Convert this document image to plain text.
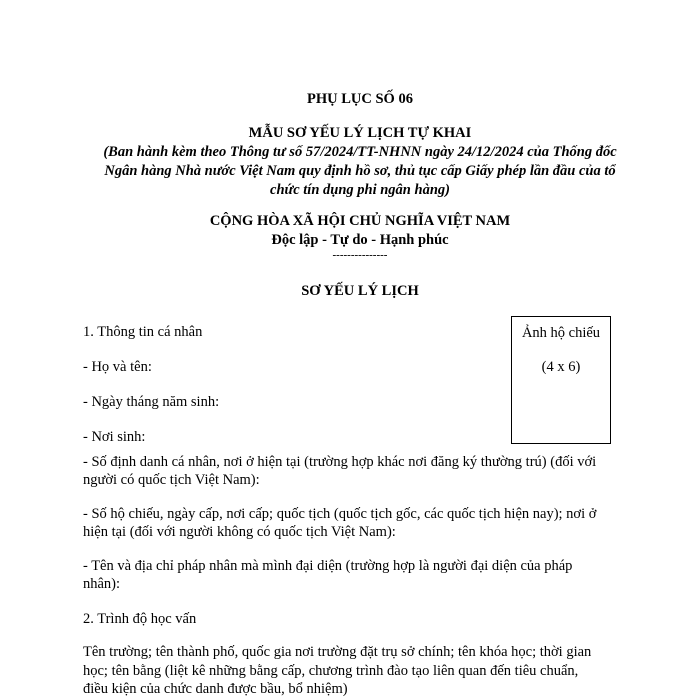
PHỤ LỤC SỐ 06
MẪU SƠ YẾU LÝ LỊCH TỰ KHAI
(Ban hành kèm theo Thông tư số 57/2024/TT-NHNN ngày 24/12/2024 của Thống đốc
Ngân hàng Nhà nước Việt Nam quy định hồ sơ, thủ tục cấp Giấy phép lần đầu của tổ
chức tín dụng phi ngân hàng)
CỘNG HÒA XÃ HỘI CHỦ NGHĨA VIỆT NAM
Độc lập - Tự do - Hạnh phúc
---------------
SƠ YẾU LÝ LỊCH
Ảnh hộ chiếu
(4 x 6)
1. Thông tin cá nhân
- Họ và tên:
- Ngày tháng năm sinh:
- Nơi sinh:
- Số định danh cá nhân, nơi ở hiện tại (trường hợp khác nơi đăng ký thường trú) (đối với
người có quốc tịch Việt Nam):
- Số hộ chiếu, ngày cấp, nơi cấp; quốc tịch (quốc tịch gốc, các quốc tịch hiện nay); nơi ở
hiện tại (đối với người không có quốc tịch Việt Nam):
- Tên và địa chỉ pháp nhân mà mình đại diện (trường hợp là người đại diện của pháp
nhân):
2. Trình độ học vấn
Tên trường; tên thành phố, quốc gia nơi trường đặt trụ sở chính; tên khóa học; thời gian
học; tên bằng (liệt kê những bằng cấp, chương trình đào tạo liên quan đến tiêu chuẩn,
điều kiện của chức danh được bầu, bổ nhiệm)
